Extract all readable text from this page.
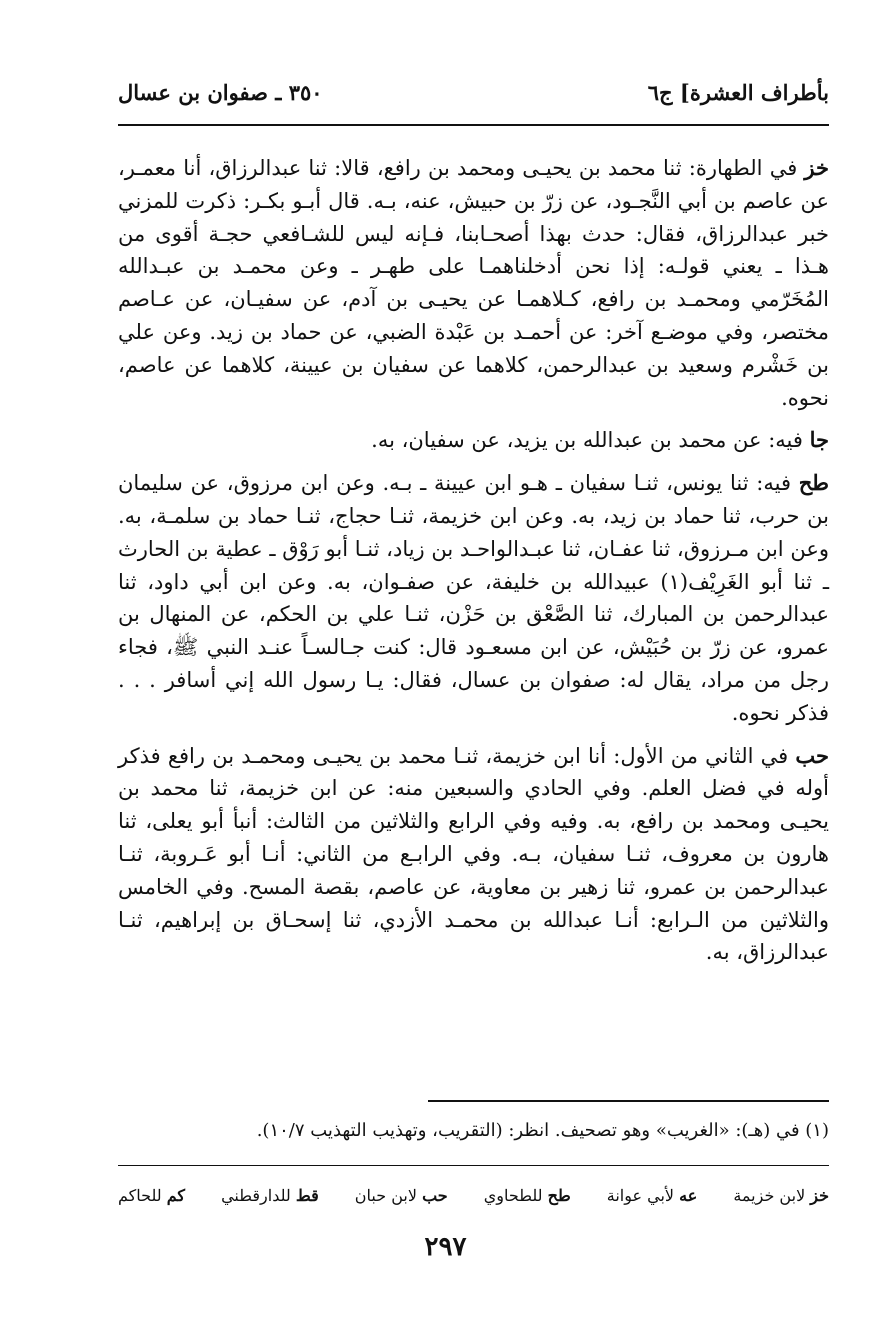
بأطراف العشرة] ج٦
٣٥٠ ـ صفوان بن عسال

خز في الطهارة: ثنا محمد بن يحيـى ومحمد بن رافع، قالا: ثنا عبدالرزاق، أنا معمـر، عن عاصم بن أبي النَّجـود، عن زرّ بن حبيش، عنه، بـه. قال أبـو بكـر: ذكرت للمزني خبر عبدالرزاق، فقال: حدث بهذا أصحـابنا، فـإنه ليس للشـافعي حجـة أقوى من هـذا ـ يعني قولـه: إذا نحن أدخلناهمـا على طهـر ـ وعن محمـد بن عبـدالله المُخَرّمي ومحمـد بن رافع، كـلاهمـا عن يحيـى بن آدم، عن سفيـان، عن عـاصم مختصر، وفي موضـع آخر: عن أحمـد بن عَبْدة الضبي، عن حماد بن زيد. وعن علي بن خَشْرم وسعيد بن عبدالرحمن، كلاهما عن سفيان بن عيينة، كلاهما عن عاصم، نحوه.

جا فيه: عن محمد بن عبدالله بن يزيد، عن سفيان، به.

طح فيه: ثنا يونس، ثنـا سفيان ـ هـو ابن عيينة ـ بـه. وعن ابن مرزوق، عن سليمان بن حرب، ثنا حماد بن زيد، به. وعن ابن خزيمة، ثنـا حجاج، ثنـا حماد بن سلمـة، به. وعن ابن مـرزوق، ثنا عفـان، ثنا عبـدالواحـد بن زياد، ثنـا أبو رَوْق ـ عطية بن الحارث ـ ثنا أبو الغَرِيْف(١) عبيدالله بن خليفة، عن صفـوان، به. وعن ابن أبي داود، ثنا عبدالرحمن بن المبارك، ثنا الصَّعْق بن حَزْن، ثنـا علي بن الحكم، عن المنهال بن عمرو، عن زرّ بن حُبَيْش، عن ابن مسعـود قال: كنت جـالسـاً عنـد النبي ﷺ، فجاء رجل من مراد، يقال له: صفوان بن عسال، فقال: يـا رسول الله إني أسافر . . . فذكر نحوه.

حب في الثاني من الأول: أنا ابن خزيمة، ثنـا محمد بن يحيـى ومحمـد بن رافع فذكر أوله في فضل العلم. وفي الحادي والسبعين منه: عن ابن خزيمة، ثنا محمد بن يحيـى ومحمد بن رافع، به. وفيه وفي الرابع والثلاثين من الثالث: أنبأ أبو يعلى، ثنا هارون بن معروف، ثنـا سفيان، بـه. وفي الرابـع من الثاني: أنـا أبو عَـروبة، ثنـا عبدالرحمن بن عمرو، ثنا زهير بن معاوية، عن عاصم، بقصة المسح. وفي الخامس والثلاثين من الـرابع: أنـا عبدالله بن محمـد الأزدي، ثنا إسحـاق بن إبراهيم، ثنـا عبدالرزاق، به.

(١) في (هـ): «الغريب» وهو تصحيف. انظر: (التقريب، وتهذيب التهذيب ١٠/٧).
خز لابن خزيمة
عه لأبي عوانة
طح للطحاوي
حب لابن حبان
قط للدارقطني
كم للحاكم
٢٩٧
